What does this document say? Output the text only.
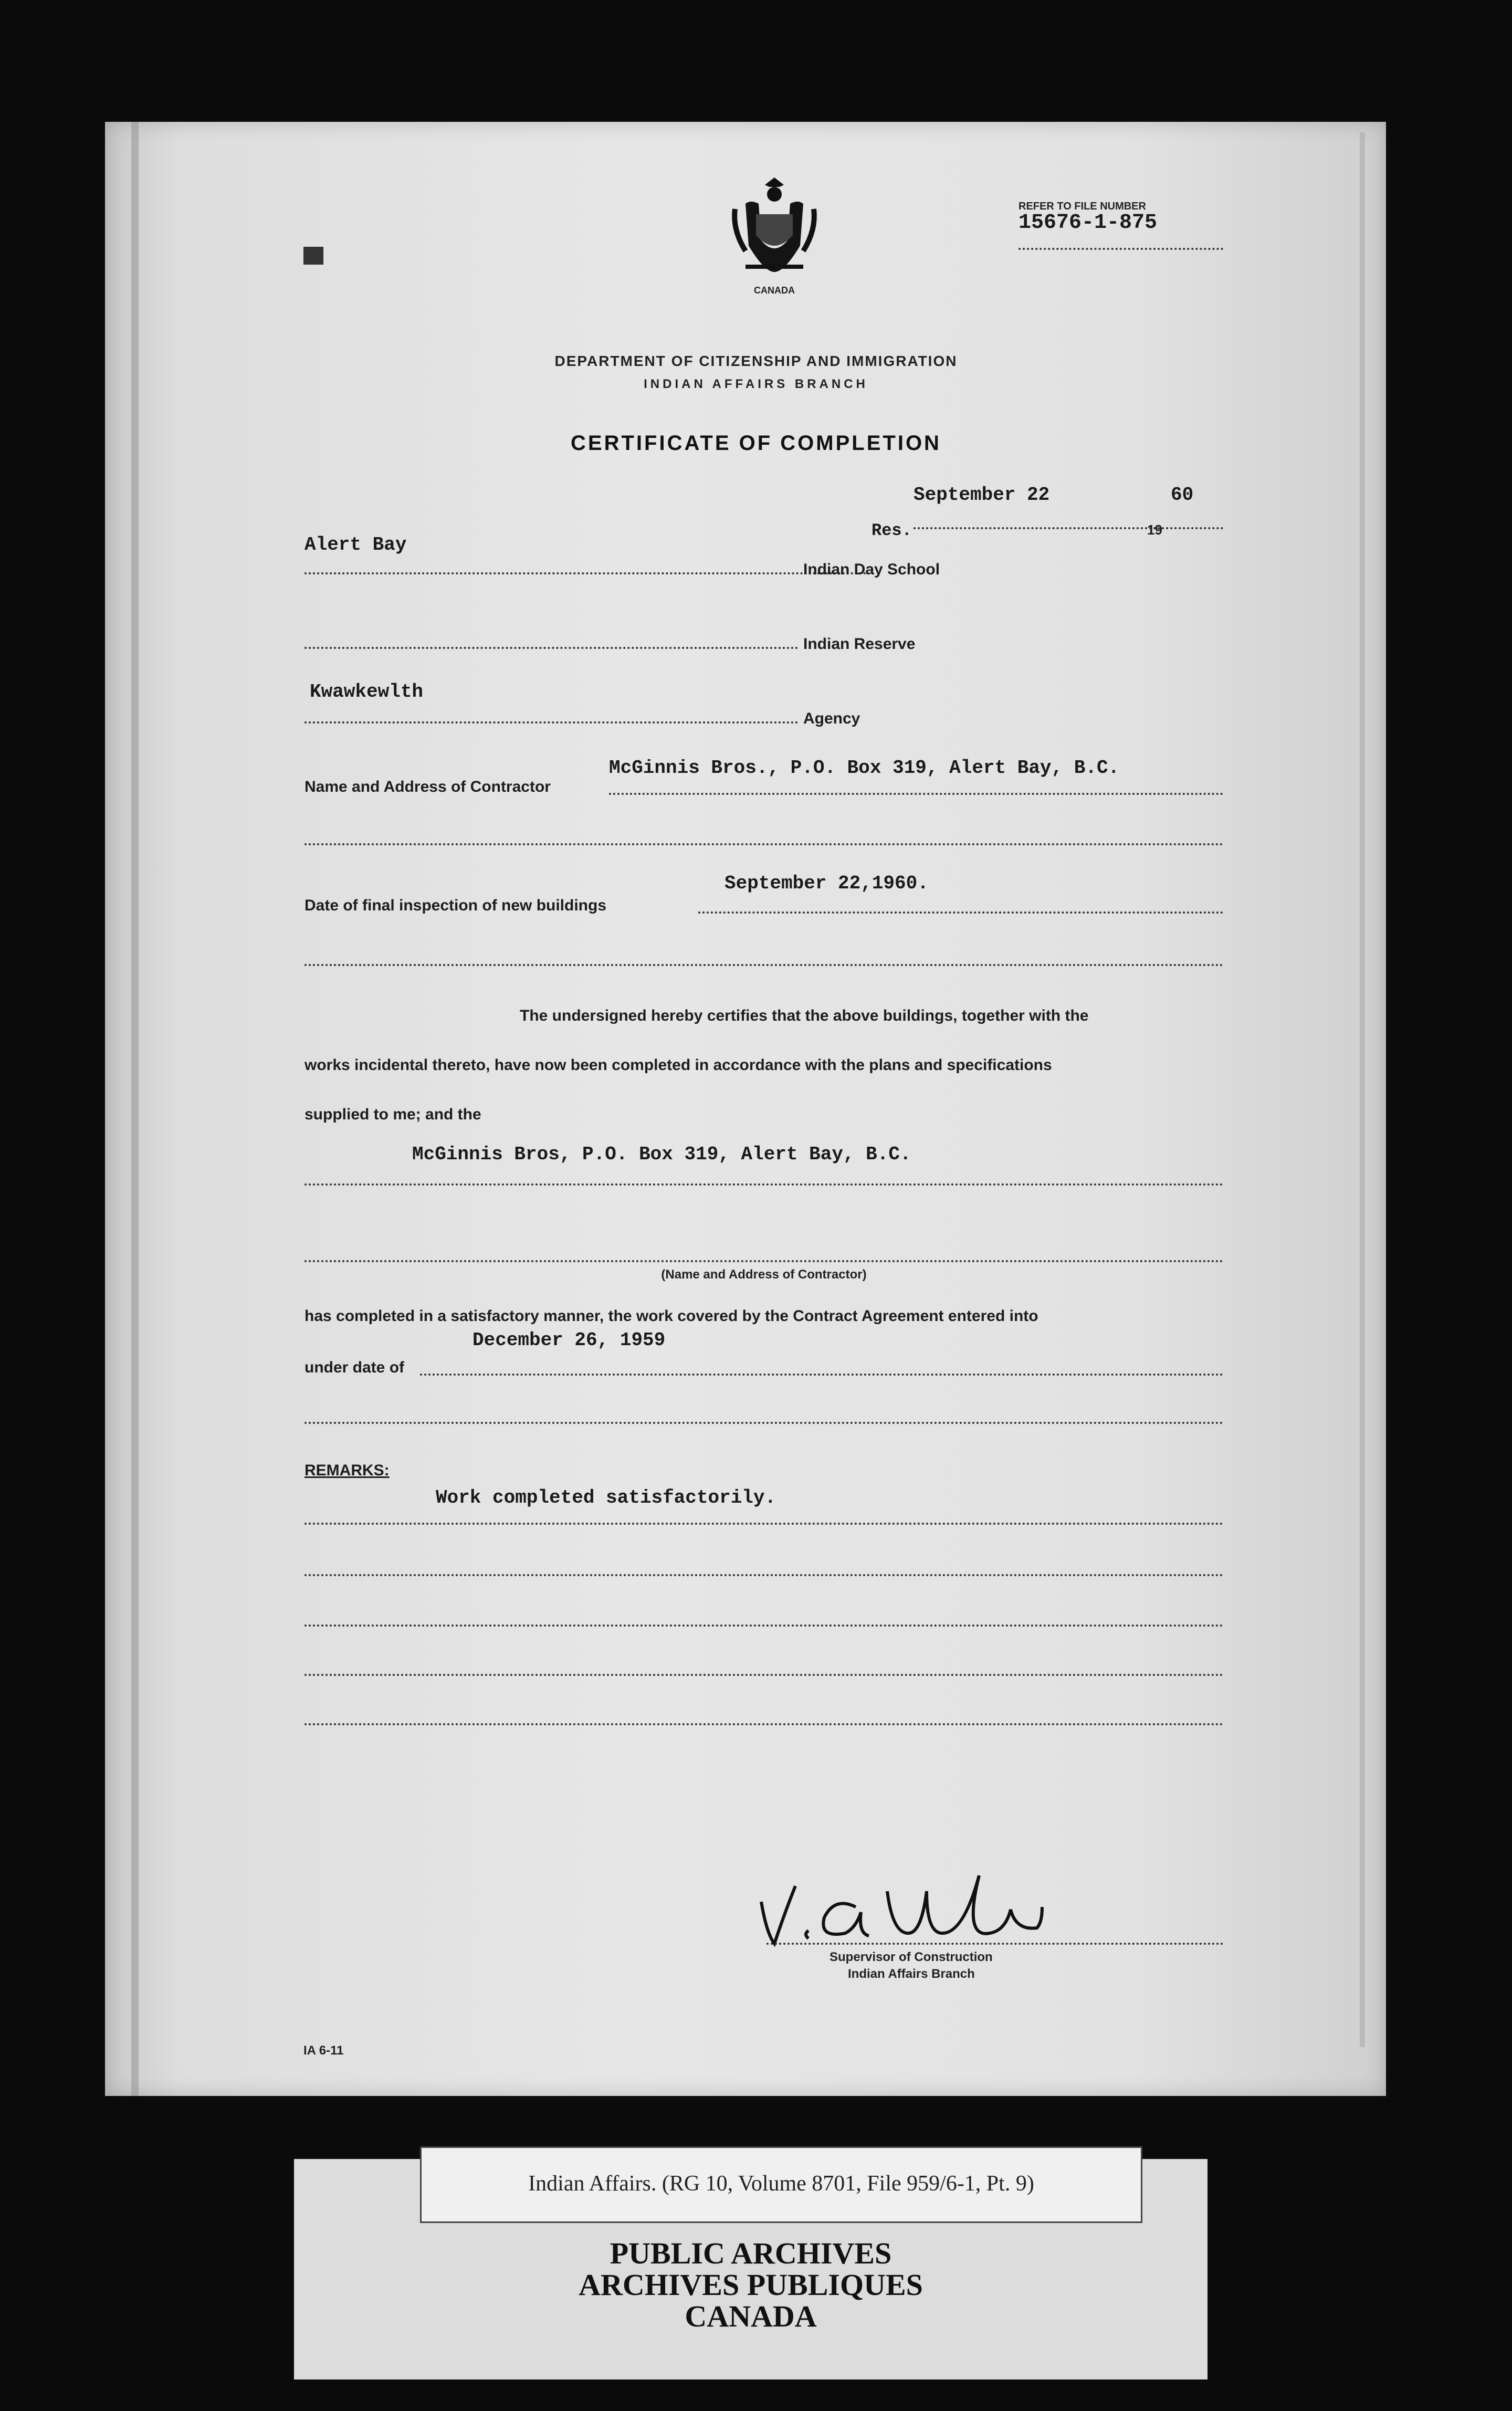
CANADA
REFER TO FILE NUMBER
15676-1-875
DEPARTMENT OF CITIZENSHIP AND IMMIGRATION
INDIAN AFFAIRS BRANCH
CERTIFICATE OF COMPLETION
September 22
19
60
Alert Bay
Res.
Indian Day School
Indian Reserve
Kwawkewlth
Agency
Name and Address of Contractor
McGinnis Bros., P.O. Box 319, Alert Bay, B.C.
Date of final inspection of new buildings
September 22,1960.
The undersigned hereby certifies that the above buildings, together with the
works incidental thereto, have now been completed in accordance with the plans and specifications
supplied to me; and the
McGinnis Bros, P.O. Box 319, Alert Bay, B.C.
(Name and Address of Contractor)
has completed in a satisfactory manner, the work covered by the Contract Agreement entered into
under date of
December 26, 1959
REMARKS:
Work completed satisfactorily.
Supervisor of Construction
Indian Affairs Branch
IA 6-11
Indian Affairs. (RG 10, Volume 8701, File 959/6-1, Pt. 9)
PUBLIC ARCHIVES
ARCHIVES PUBLIQUES
CANADA
